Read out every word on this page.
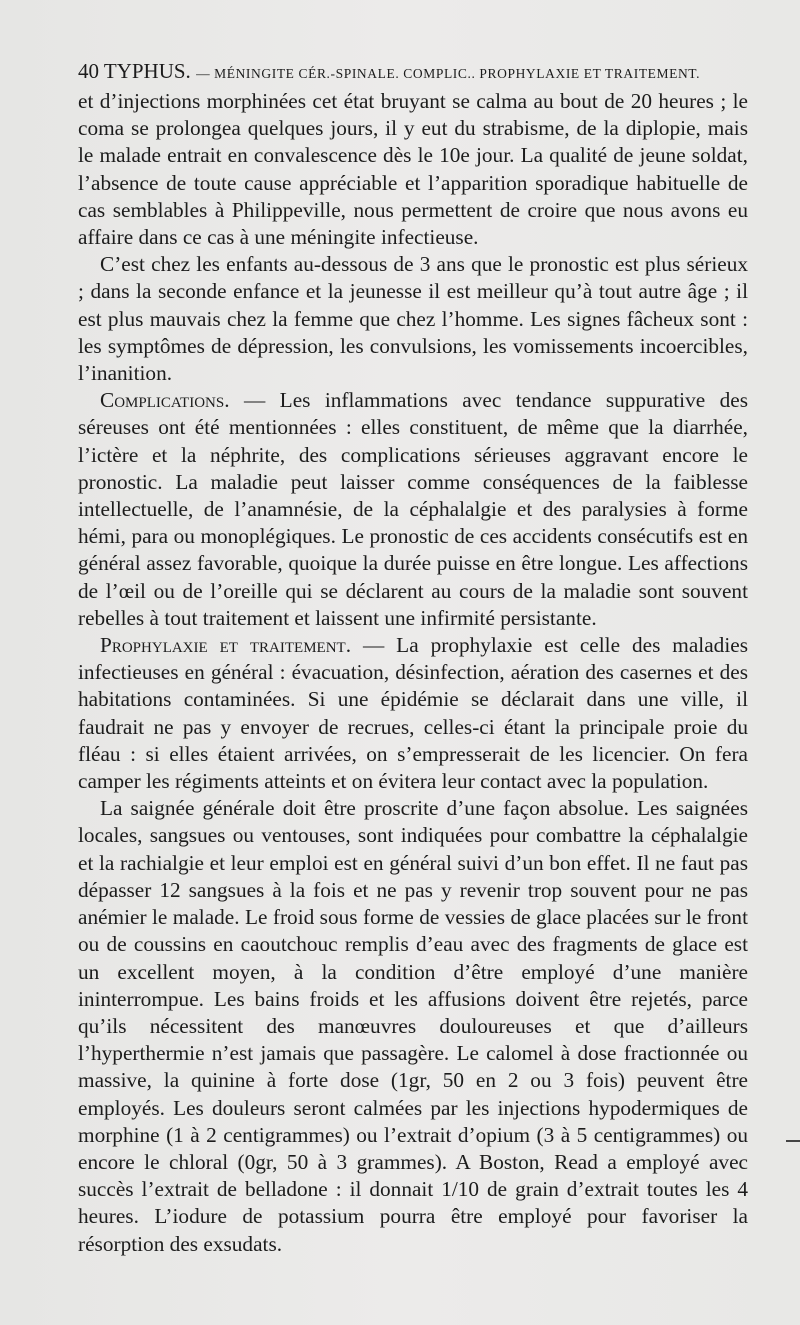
40 TYPHUS. — MÉNINGITE CÉR.-SPINALE. COMPLIC.. PROPHYLAXIE ET TRAITEMENT.

et d’injections morphinées cet état bruyant se calma au bout de 20 heures ; le coma se prolongea quelques jours, il y eut du strabisme, de la diplopie, mais le malade entrait en convalescence dès le 10e jour. La qualité de jeune soldat, l’absence de toute cause appréciable et l’apparition sporadique habituelle de cas semblables à Philippeville, nous permettent de croire que nous avons eu affaire dans ce cas à une méningite infectieuse.

C’est chez les enfants au-dessous de 3 ans que le pronostic est plus sérieux ; dans la seconde enfance et la jeunesse il est meilleur qu’à tout autre âge ; il est plus mauvais chez la femme que chez l’homme. Les signes fâcheux sont : les symptômes de dépression, les convulsions, les vomissements incoercibles, l’inanition.

Complications. — Les inflammations avec tendance suppurative des séreuses ont été mentionnées : elles constituent, de même que la diarrhée, l’ictère et la néphrite, des complications sérieuses aggravant encore le pronostic. La maladie peut laisser comme conséquences de la faiblesse intellectuelle, de l’anamnésie, de la céphalalgie et des paralysies à forme hémi, para ou monoplégiques. Le pronostic de ces accidents consécutifs est en général assez favorable, quoique la durée puisse en être longue. Les affections de l’œil ou de l’oreille qui se déclarent au cours de la maladie sont souvent rebelles à tout traitement et laissent une infirmité persistante.

Prophylaxie et traitement. — La prophylaxie est celle des maladies infectieuses en général : évacuation, désinfection, aération des casernes et des habitations contaminées. Si une épidémie se déclarait dans une ville, il faudrait ne pas y envoyer de recrues, celles-ci étant la principale proie du fléau : si elles étaient arrivées, on s’empresserait de les licencier. On fera camper les régiments atteints et on évitera leur contact avec la population.

La saignée générale doit être proscrite d’une façon absolue. Les saignées locales, sangsues ou ventouses, sont indiquées pour combattre la céphalalgie et la rachialgie et leur emploi est en général suivi d’un bon effet. Il ne faut pas dépasser 12 sangsues à la fois et ne pas y revenir trop souvent pour ne pas anémier le malade. Le froid sous forme de vessies de glace placées sur le front ou de coussins en caoutchouc remplis d’eau avec des fragments de glace est un excellent moyen, à la condition d’être employé d’une manière ininterrompue. Les bains froids et les affusions doivent être rejetés, parce qu’ils nécessitent des manœuvres douloureuses et que d’ailleurs l’hyperthermie n’est jamais que passagère. Le calomel à dose fractionnée ou massive, la quinine à forte dose (1gr, 50 en 2 ou 3 fois) peuvent être employés. Les douleurs seront calmées par les injections hypodermiques de morphine (1 à 2 centigrammes) ou l’extrait d’opium (3 à 5 centigrammes) ou encore le chloral (0gr, 50 à 3 grammes). A Boston, Read a employé avec succès l’extrait de belladone : il donnait 1/10 de grain d’extrait toutes les 4 heures. L’iodure de potassium pourra être employé pour favoriser la résorption des exsudats.
